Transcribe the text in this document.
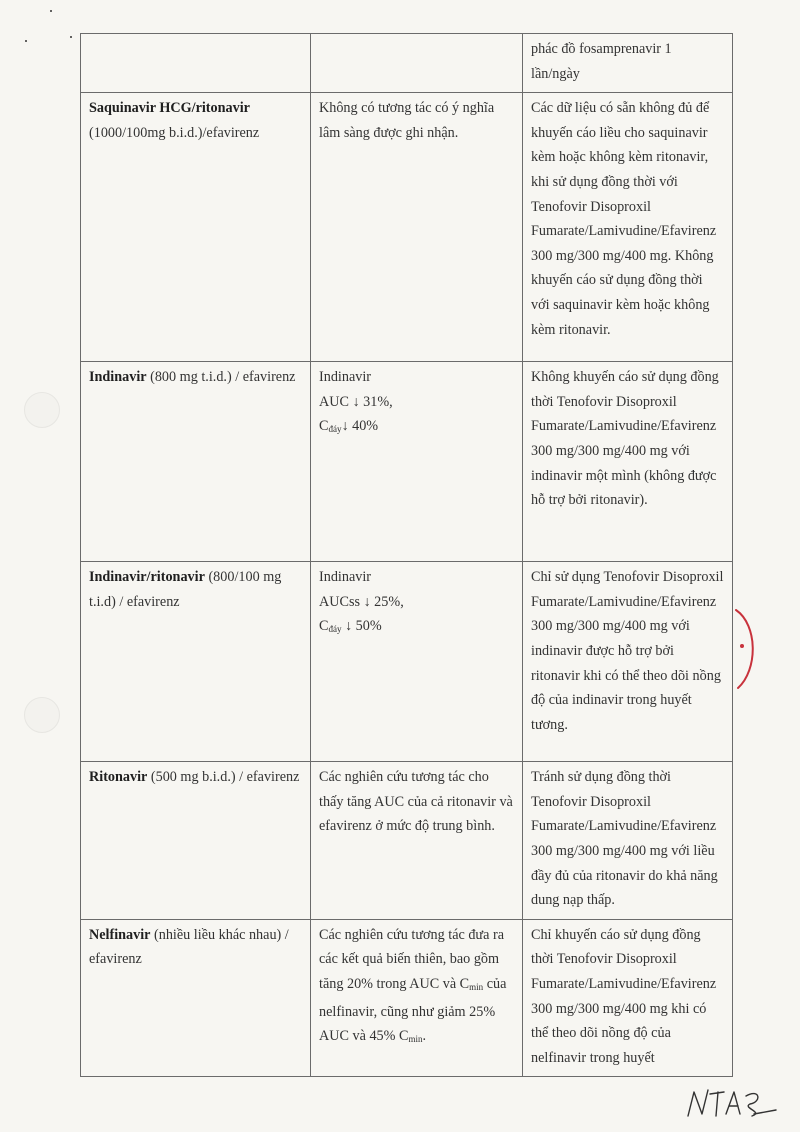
		phác đồ fosamprenavir 1 lần/ngày
Saquinavir HCG/ritonavir
(1000/100mg b.i.d.)/efavirenz	Không có tương tác có ý nghĩa lâm sàng được ghi nhận.	Các dữ liệu có sẵn không đủ để khuyến cáo liều cho saquinavir kèm hoặc không kèm ritonavir, khi sử dụng đồng thời với Tenofovir Disoproxil Fumarate/Lamivudine/Efavirenz 300 mg/300 mg/400 mg. Không khuyến cáo sử dụng đồng thời với saquinavir kèm hoặc không kèm ritonavir.
Indinavir (800 mg t.i.d.) / efavirenz	Indinavir
AUC ↓ 31%,
$C_{đáy}↓$ 40%	Không khuyến cáo sử dụng đồng thời Tenofovir Disoproxil Fumarate/Lamivudine/Efavirenz 300 mg/300 mg/400 mg với indinavir một mình (không được hỗ trợ bởi ritonavir).
Indinavir/ritonavir (800/100 mg t.i.d) / efavirenz	Indinavir
AUCss ↓ 25%,
$C_{đáy}$ ↓ 50%	Chỉ sử dụng Tenofovir Disoproxil Fumarate/Lamivudine/Efavirenz 300 mg/300 mg/400 mg với indinavir được hỗ trợ bởi ritonavir khi có thể theo dõi nồng độ của indinavir trong huyết tương.
Ritonavir (500 mg b.i.d.) / efavirenz	Các nghiên cứu tương tác cho thấy tăng AUC của cả ritonavir và efavirenz ở mức độ trung bình.	Tránh sử dụng đồng thời Tenofovir Disoproxil Fumarate/Lamivudine/Efavirenz 300 mg/300 mg/400 mg với liều đầy đủ của ritonavir do khả năng dung nạp thấp.
Nelfinavir (nhiều liều khác nhau) / efavirenz	Các nghiên cứu tương tác đưa ra các kết quả biến thiên, bao gồm tăng 20% trong AUC và $C_{min}$ của nelfinavir, cũng như giảm 25% AUC và 45% $C_{min}$.	Chỉ khuyến cáo sử dụng đồng thời Tenofovir Disoproxil Fumarate/Lamivudine/Efavirenz 300 mg/300 mg/400 mg khi có thể theo dõi nồng độ của nelfinavir trong huyết
